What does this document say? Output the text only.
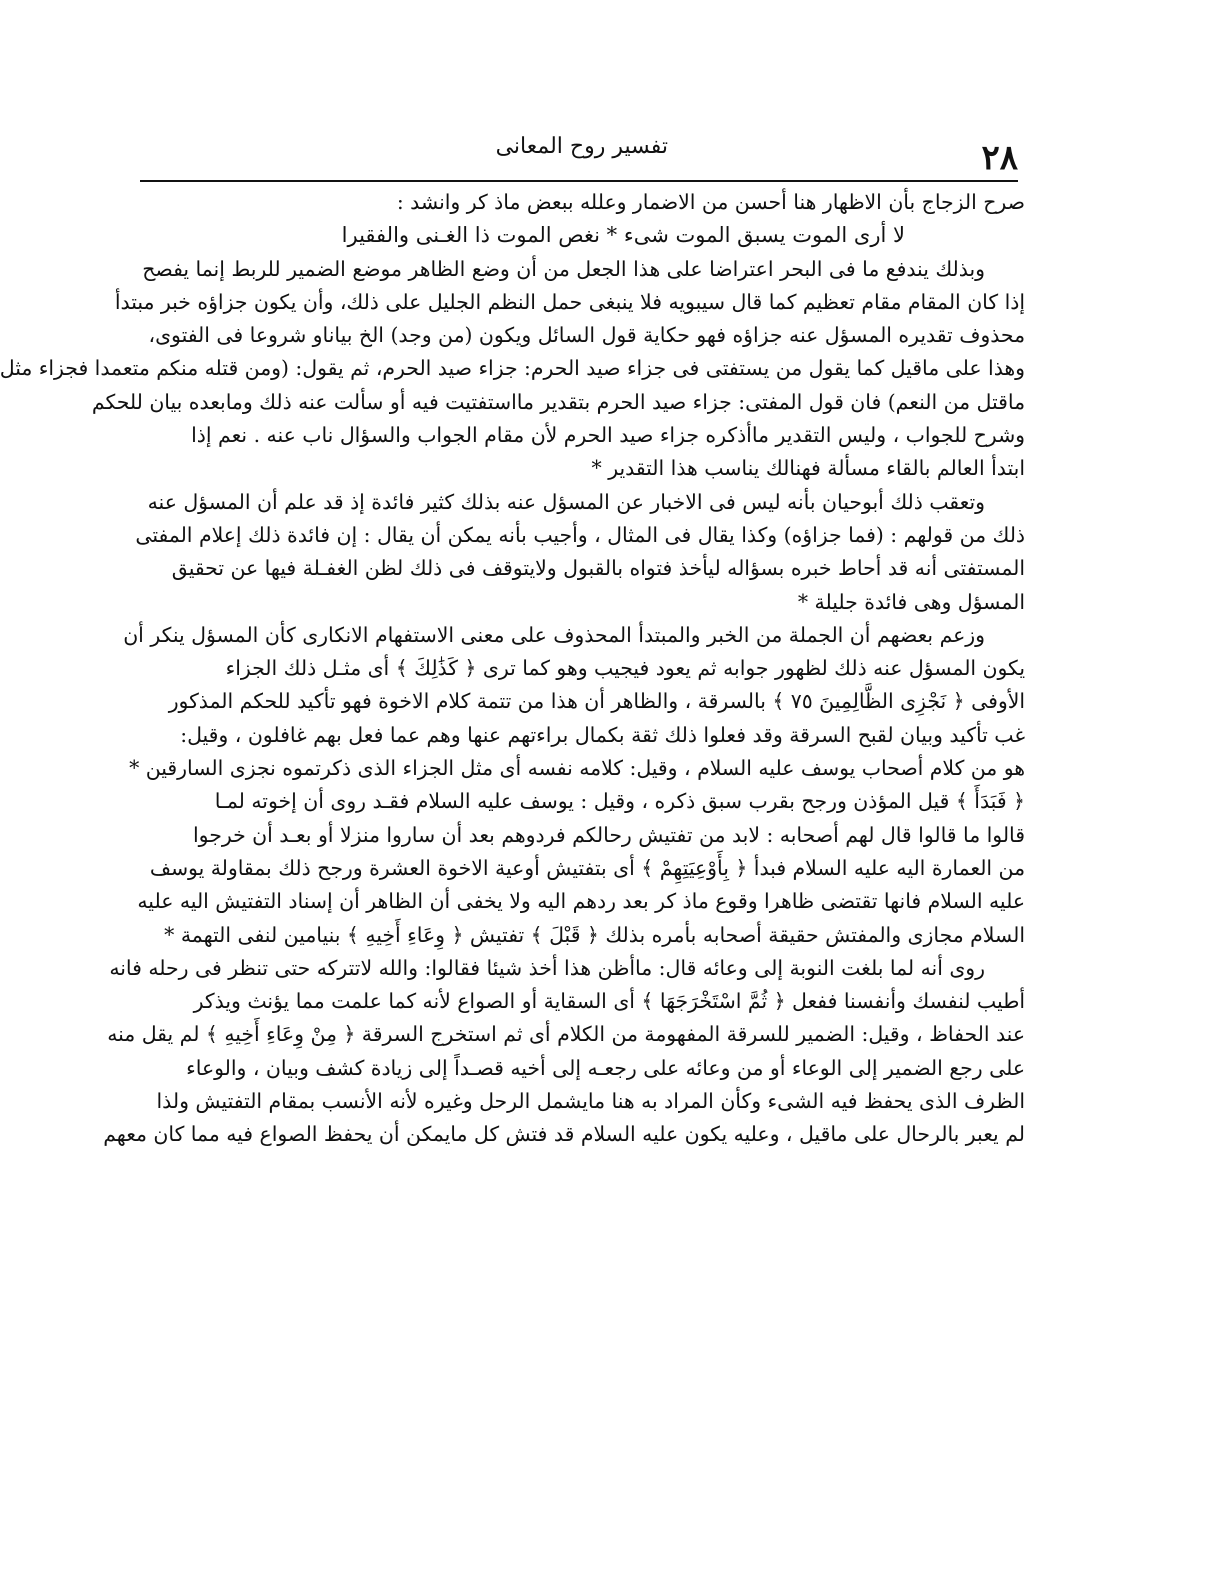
٢٨
تفسير روح المعانى
صرح الزجاج بأن الاظهار هنا أحسن من الاضمار وعلله ببعض ماذ كر وانشد :
لا أرى الموت يسبق الموت شىء * نغص الموت ذا الغـنى والفقيرا
وبذلك يندفع ما فى البحر اعتراضا على هذا الجعل من أن وضع الظاهر موضع الضمير للربط إنما يفصح
إذا كان المقام مقام تعظيم كما قال سيبويه فلا ينبغى حمل النظم الجليل على ذلك، وأن يكون جزاؤه خبر مبتدأ
محذوف تقديره المسؤل عنه جزاؤه فهو حكاية قول السائل ويكون (من وجد) الخ بياناو شروعا فى الفتوى،
وهذا على ماقيل كما يقول من يستفتى فى جزاء صيد الحرم: جزاء صيد الحرم، ثم يقول: (ومن قتله منكم متعمدا فجزاء مثل
ماقتل من النعم) فان قول المفتى: جزاء صيد الحرم بتقدير مااستفتيت فيه أو سألت عنه ذلك ومابعده بيان للحكم
وشرح للجواب ، وليس التقدير ماأذكره جزاء صيد الحرم لأن مقام الجواب والسؤال ناب عنه . نعم إذا
ابتدأ العالم بالقاء مسألة فهنالك يناسب هذا التقدير *
وتعقب ذلك أبوحيان بأنه ليس فى الاخبار عن المسؤل عنه بذلك كثير فائدة إذ قد علم أن المسؤل عنه
ذلك من قولهم : (فما جزاؤه) وكذا يقال فى المثال ، وأجيب بأنه يمكن أن يقال : إن فائدة ذلك إعلام المفتى
المستفتى أنه قد أحاط خبره بسؤاله ليأخذ فتواه بالقبول ولايتوقف فى ذلك لظن الغفـلة فيها عن تحقيق
المسؤل وهى فائدة جليلة *
وزعم بعضهم أن الجملة من الخبر والمبتدأ المحذوف على معنى الاستفهام الانكارى كأن المسؤل ينكر أن
يكون المسؤل عنه ذلك لظهور جوابه ثم يعود فيجيب وهو كما ترى ﴿ كَذَٰلِكَ ﴾ أى مثـل ذلك الجزاء
الأوفى ﴿ نَجْزِى الظَّالِمِينَ ٧٥ ﴾ بالسرقة ، والظاهر أن هذا من تتمة كلام الاخوة فهو تأكيد للحكم المذكور
غب تأكيد وبيان لقبح السرقة وقد فعلوا ذلك ثقة بكمال براءتهم عنها وهم عما فعل بهم غافلون ، وقيل:
هو من كلام أصحاب يوسف عليه السلام ، وقيل: كلامه نفسه أى مثل الجزاء الذى ذكرتموه نجزى السارقين *
﴿ فَبَدَأَ ﴾ قيل المؤذن ورجح بقرب سبق ذكره ، وقيل : يوسف عليه السلام فقـد روى أن إخوته لمـا
قالوا ما قالوا قال لهم أصحابه : لابد من تفتيش رحالكم فردوهم بعد أن ساروا منزلا أو بعـد أن خرجوا
من العمارة اليه عليه السلام فبدأ ﴿ بِأَوْعِيَتِهِمْ ﴾ أى بتفتيش أوعية الاخوة العشرة ورجح ذلك بمقاولة يوسف
عليه السلام فانها تقتضى ظاهرا وقوع ماذ كر بعد ردهم اليه ولا يخفى أن الظاهر أن إسناد التفتيش اليه عليه
السلام مجازى والمفتش حقيقة أصحابه بأمره بذلك ﴿ قَبْلَ ﴾ تفتيش ﴿ وِعَاءِ أَخِيهِ ﴾ بنيامين لنفى التهمة *
روى أنه لما بلغت النوبة إلى وعائه قال: ماأظن هذا أخذ شيئا فقالوا: والله لاتتركه حتى تنظر فى رحله فانه
أطيب لنفسك وأنفسنا ففعل ﴿ ثُمَّ اسْتَخْرَجَهَا ﴾ أى السقاية أو الصواع لأنه كما علمت مما يؤنث ويذكر
عند الحفاظ ، وقيل: الضمير للسرقة المفهومة من الكلام أى ثم استخرج السرقة ﴿ مِنْ وِعَاءِ أَخِيهِ ﴾ لم يقل منه
على رجع الضمير إلى الوعاء أو من وعائه على رجعـه إلى أخيه قصـداً إلى زيادة كشف وبيان ، والوعاء
الظرف الذى يحفظ فيه الشىء وكأن المراد به هنا مايشمل الرحل وغيره لأنه الأنسب بمقام التفتيش ولذا
لم يعبر بالرحال على ماقيل ، وعليه يكون عليه السلام قد فتش كل مايمكن أن يحفظ الصواع فيه مما كان معهم
